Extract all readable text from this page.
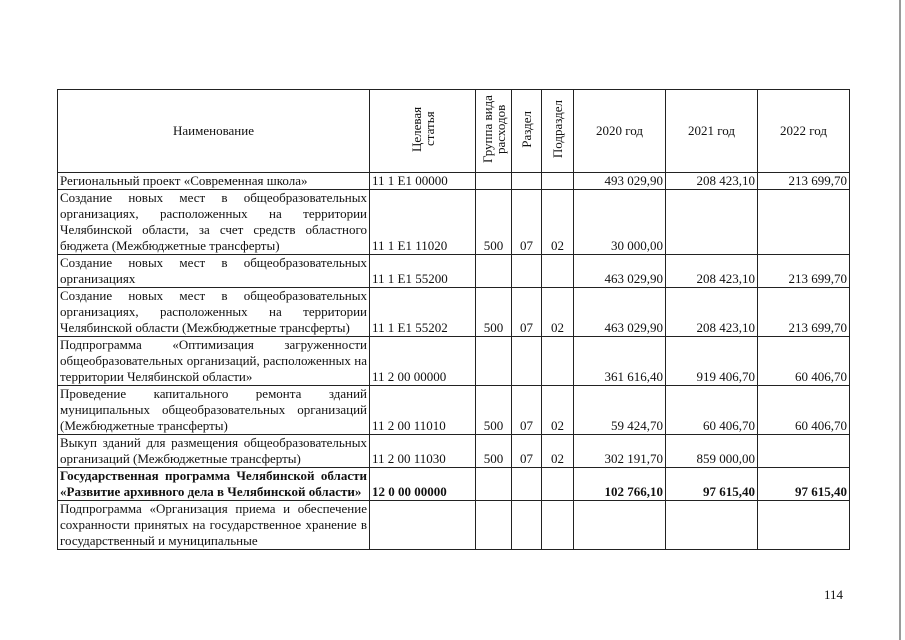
Наименование	Целевая статья	Группа вида расходов	Раздел	Подраздел	2020 год	2021 год	2022 год
Региональный проект «Современная школа»	11 1 E1 00000				493 029,90	208 423,10	213 699,70
Создание новых мест в общеобразовательных организациях, расположенных на территории Челябинской области, за счет средств областного бюджета (Межбюджетные трансферты)	11 1 E1 11020	500	07	02	30 000,00		
Создание новых мест в общеобразовательных организациях	11 1 E1 55200				463 029,90	208 423,10	213 699,70
Создание новых мест в общеобразовательных организациях, расположенных на территории Челябинской области (Межбюджетные трансферты)	11 1 E1 55202	500	07	02	463 029,90	208 423,10	213 699,70
Подпрограмма «Оптимизация загруженности общеобразовательных организаций, расположенных на территории Челябинской области»	11 2 00 00000				361 616,40	919 406,70	60 406,70
Проведение капитального ремонта зданий муниципальных общеобразовательных организаций (Межбюджетные трансферты)	11 2 00 11010	500	07	02	59 424,70	60 406,70	60 406,70
Выкуп зданий для размещения общеобразовательных организаций (Межбюджетные трансферты)	11 2 00 11030	500	07	02	302 191,70	859 000,00	
Государственная программа Челябинской области «Развитие архивного дела в Челябинской области»	12 0 00 00000				102 766,10	97 615,40	97 615,40
Подпрограмма «Организация приема и обеспечение сохранности принятых на государственное хранение в государственный и муниципальные							
114
